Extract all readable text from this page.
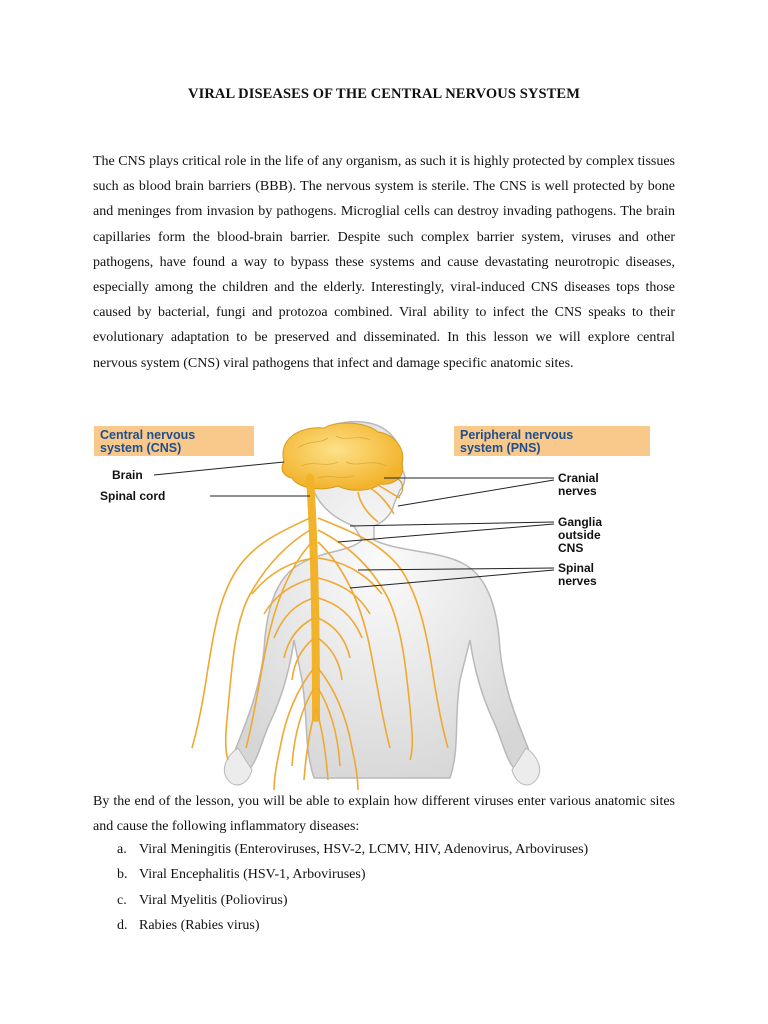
VIRAL DISEASES OF THE CENTRAL NERVOUS SYSTEM

The CNS plays critical role in the life of any organism, as such it is highly protected by complex tissues such as blood brain barriers (BBB). The nervous system is sterile. The CNS is well protected by bone and meninges from invasion by pathogens. Microglial cells can destroy invading pathogens. The brain capillaries form the blood-brain barrier. Despite such complex barrier system, viruses and other pathogens, have found a way to bypass these systems and cause devastating neurotropic diseases, especially among the children and the elderly. Interestingly, viral-induced CNS diseases tops those caused by bacterial, fungi and protozoa combined. Viral ability to infect the CNS speaks to their evolutionary adaptation to be preserved and disseminated. In this lesson we will explore central nervous system (CNS) viral pathogens that infect and damage specific anatomic sites.

Central nervous
system (CNS)
Peripheral nervous
system (PNS)
Brain
Spinal cord
Cranial
nerves
Ganglia
outside
CNS
Spinal
nerves

By the end of the lesson, you will be able to explain how different viruses enter various anatomic sites and cause the following inflammatory diseases:

a. Viral Meningitis (Enteroviruses, HSV-2, LCMV, HIV, Adenovirus, Arboviruses)
b. Viral Encephalitis (HSV-1, Arboviruses)
c. Viral Myelitis (Poliovirus)
d. Rabies (Rabies virus)
